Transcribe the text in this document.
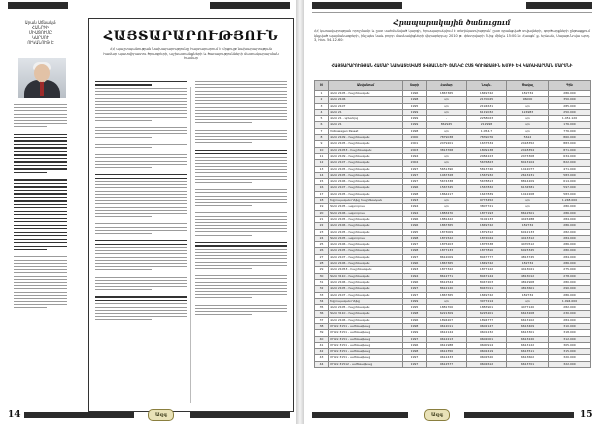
Արան Աճնակմ։
ՀԱՆՐԻԻ
ՄԻԱՑՈՒՄԸ
ԿԱՐՍՈՒ
ՈՒԿԱՆՈՒԹ Է	ՀԱՅՏԱՐԱՐՈՒԹՅՈՒՆ
ՀՀ պաշտպանության նախարարությունը հայտարարում է մրցույթ նախարարության համար պատվիրատու ծրագրերի, աշխատանքների և ծառայությունների մատակարարման համար
14	Ազգ
Հրապարակային ծանուցում
ՀՀ կառավարության որոշմամբ և ըստ սահմանված կարգի, հրապարակվում է տեղեկատվություն՝ ըստ գրանցված տվյալների, գործարքների ընթացքում կնքված պայմանագրերի, ինչպես նաև բոլոր մասնակիցների վերաբերյալ։ 2010 թ. փետրվարի 5-ից մինչև 15:00-ն։ Հասցե՝ ք. Երևան, Սայաթ-Նովա պող. 3, հեռ. 54-12-60։
ՀԱՅՏԱՐԱՐՈՒԹՅԱՆ ՀԱՄԱՐ ՆԱԽԱՏԵՍՎԱԾ ՏՎՅԱԼՆԵՐԻ ՑԱՆԿԸ ԸՍՏ ԳՈՒՅՔԱՅԻՆ ԽՄԲԻ ԵՎ ԿԱՌԱՎԱՐՄԱՆ ՄԱՐՄՆԻ
N	Անվանում	Տարի	Համար	Նույն.	Ծավալ	Գին
1	ՎԱԶ 2105 - հայրենական	1996	1867365	1849742	182734	286.000
2	ՎԱԶ 2106	1998	s/n	2170045	96000	350.000
3	ՎԱԶ 2107	1995	s/n	2194631	s/n	285.000
4	ՎԱԶ 21	1999	s/n	6119032	124983	250.000
5	ՎԱԶ 21 - կոնսերվ	1999	-	2258023	s/n	1.451.120
6	ՎԱԶ 21	1999	862945	212998	s/n	176.000
7	Volkswagen Passat	1998	s/n	1.054.7	s/n	776.000
8	ՎԱԶ 2109 - հայրենական	2000	7879038	7839076	5612	860.000
9	ՎԱԶ 2105 - հայրենական	2001	2479201	1637534	2418352	883.000
10	ՎԱԶ 21053 - հայրենական	2003	3813768	1809138	2418354	871.000
11	ՎԱԶ 2109 - հայրենական	1994	s/n	2084223	2473308	634.000
12	ՎԱԶ 2107 - հայրենական	2004	s/n	5676823	8413104	822.000
13	ՎԱԶ 2105 - հայրենական	1997	5651390	5813740	1412077	471.000
14	ՎԱԶ 2105 - հայրենական	1997	1467328	1567932	2613231	583.000
15	ՎԱԶ 2106 - հայրենական	1997	5674338	5678813	8814209	614.000
16	ՎԱԶ 2107 - հայրենական	1996	1567345	1567832	6134581	597.000
17	ՎԱԶ 2105 - հայրենական	1998	1864217	1647839	1412208	583.000
18	Եվրոպական Ռեյնջ հայրենական	1993	s/n	9773452	s/n	1.248.000
19	ԳԱԶ 2105 - ավտոբուս	1994	s/n	3807721	s/n	280.000
20	ԳԱԶ 2106 - ավտոբուս	1994	1883470	1877193	8612501	286.000
21	ՎԱԶ 2105 - հայրենական	1996	1881422	3102133	4415288	284.000
22	ՎԱԶ 2106 - հայրենական	1996	1867365	1849742	182734	286.000
23	ՎԱԶ 2105 - հայրենական	1995	1873009	1879312	6012133	282.000
24	ԳԱԶ 2105 - ավտոբուս	1998	1871522	1872044	4413312	284.000
25	ՎԱԶ 2106 - հայրենական	1997	1875203	1875538	4470512	286.000
26	ՎԱԶ 2105 - հայրենական	1998	1877133	1877810	6023345	280.000
27	ՎԱԶ 2107 - հայրենական	1997	8612009	8047777	4813745	284.000
28	ՎԱԶ 2106 - հայրենական	1996	1867365	1849742	182734	286.000
29	ՎԱԶ 21053 - հայրենական	1993	1877322	1877122	4413021	275.000
30	ԳԱԶ 3110 - հայրենական	1994	8612771	8047144	4813012	278.000
31	ՎԱԶ 2106 - հայրենական	1996	8612544	8047203	4812908	280.000
32	ՎԱԶ 2105 - հայրենական	1997	8612120	8047011	4813601	290.000
33	ՎԱԶ 2107 - հայրենական	1997	1867365	1849742	182734	286.000
34	Եվրոպական Ռեյնջ	1999	s/n	3077214	s/n	1.094.000
35	ՎԱԶ 2105 - հայրենական	1995	1881700	1883901	4477120	282.000
36	ԳԱԶ 3110 - հայրենական	1998	6221309	6225201	6613208	230.000
37	ՎԱԶ 2106 - հայրենական	1996	1894207	1894777	6613102	284.000
38	ՈՒԱԶ 3151 - ամենագնաց	1998	9612011	9602147	6613409	310.000
39	ՈՒԱԶ 3151 - ամենագնաց	1999	9612144	9601232	6613301	318.000
40	ՈՒԱԶ 3151 - ամենագնաց	1997	9612213	9602001	6613220	312.000
41	ՈՒԱԶ 3151 - ամենագնաց	1996	9611988	9600914	6613122	305.000
42	ՈՒԱԶ 3151 - ամենագնաց	1998	9612350	9602419	6613511	315.000
43	ՈՒԱԶ 3151 - ամենագնաց	1997	9612433	9602520	6613602	320.000
44	ՈՒԱԶ 31512 - ամենագնաց	1997	9612577	9602612	6613701	322.000
15
Ազգ
